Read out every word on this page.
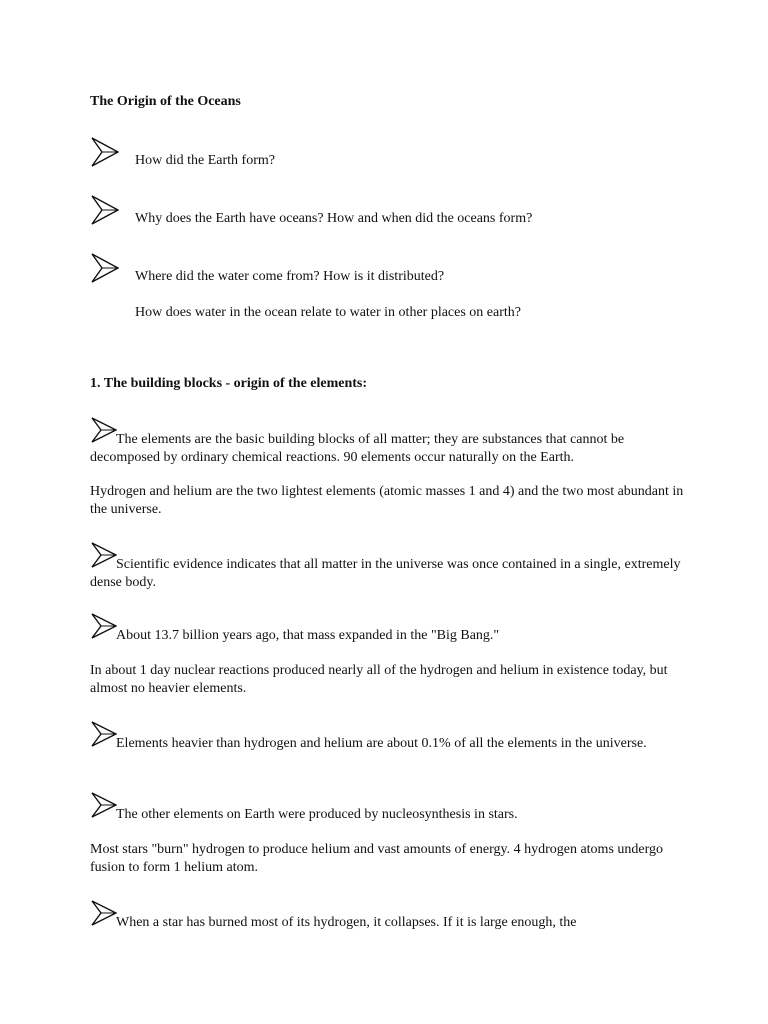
The Origin of the Oceans
How did the Earth form?
Why does the Earth have oceans? How and when did the oceans form?
Where did the water come from? How is it distributed?
How does water in the ocean relate to water in other places on earth?
1. The building blocks - origin of the elements:
The elements are the basic building blocks of all matter; they are substances that cannot be decomposed by ordinary chemical reactions. 90 elements occur naturally on the Earth.
Hydrogen and helium are the two lightest elements (atomic masses 1 and 4) and the two most abundant in the universe.
Scientific evidence indicates that all matter in the universe was once contained in a single, extremely dense body.
About 13.7 billion years ago, that mass expanded in the "Big Bang."
In about 1 day nuclear reactions produced nearly all of the hydrogen and helium in existence today, but almost no heavier elements.
Elements heavier than hydrogen and helium are about 0.1% of all the elements in the universe.
The other elements on Earth were produced by nucleosynthesis in stars.
Most stars "burn" hydrogen to produce helium and vast amounts of energy. 4 hydrogen atoms undergo fusion to form 1 helium atom.
When a star has burned most of its hydrogen, it collapses. If it is large enough, the
